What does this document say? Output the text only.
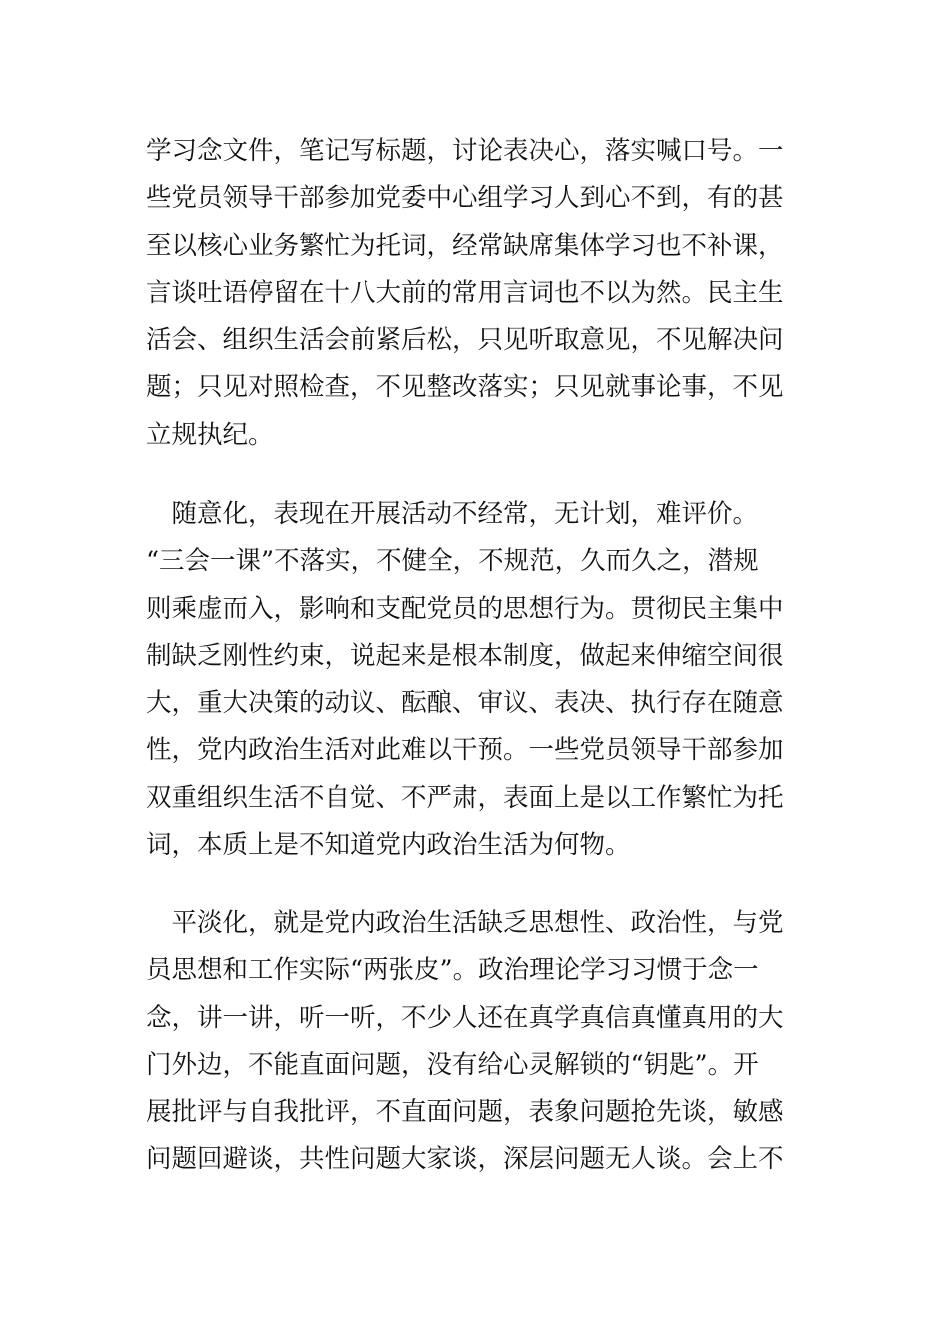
学习念文件，笔记写标题，讨论表决心，落实喊口号。一
些党员领导干部参加党委中心组学习人到心不到，有的甚
至以核心业务繁忙为托词，经常缺席集体学习也不补课，
言谈吐语停留在十八大前的常用言词也不以为然。民主生
活会、组织生活会前紧后松，只见听取意见，不见解决问
题；只见对照检查，不见整改落实；只见就事论事，不见
立规执纪。
　随意化，表现在开展活动不经常，无计划，难评价。
“三会一课”不落实，不健全，不规范，久而久之，潜规
则乘虚而入，影响和支配党员的思想行为。贯彻民主集中
制缺乏刚性约束，说起来是根本制度，做起来伸缩空间很
大，重大决策的动议、酝酿、审议、表决、执行存在随意
性，党内政治生活对此难以干预。一些党员领导干部参加
双重组织生活不自觉、不严肃，表面上是以工作繁忙为托
词，本质上是不知道党内政治生活为何物。
　平淡化，就是党内政治生活缺乏思想性、政治性，与党
员思想和工作实际“两张皮”。政治理论学习习惯于念一
念，讲一讲，听一听，不少人还在真学真信真懂真用的大
门外边，不能直面问题，没有给心灵解锁的“钥匙”。开
展批评与自我批评，不直面问题，表象问题抢先谈，敏感
问题回避谈，共性问题大家谈，深层问题无人谈。会上不
